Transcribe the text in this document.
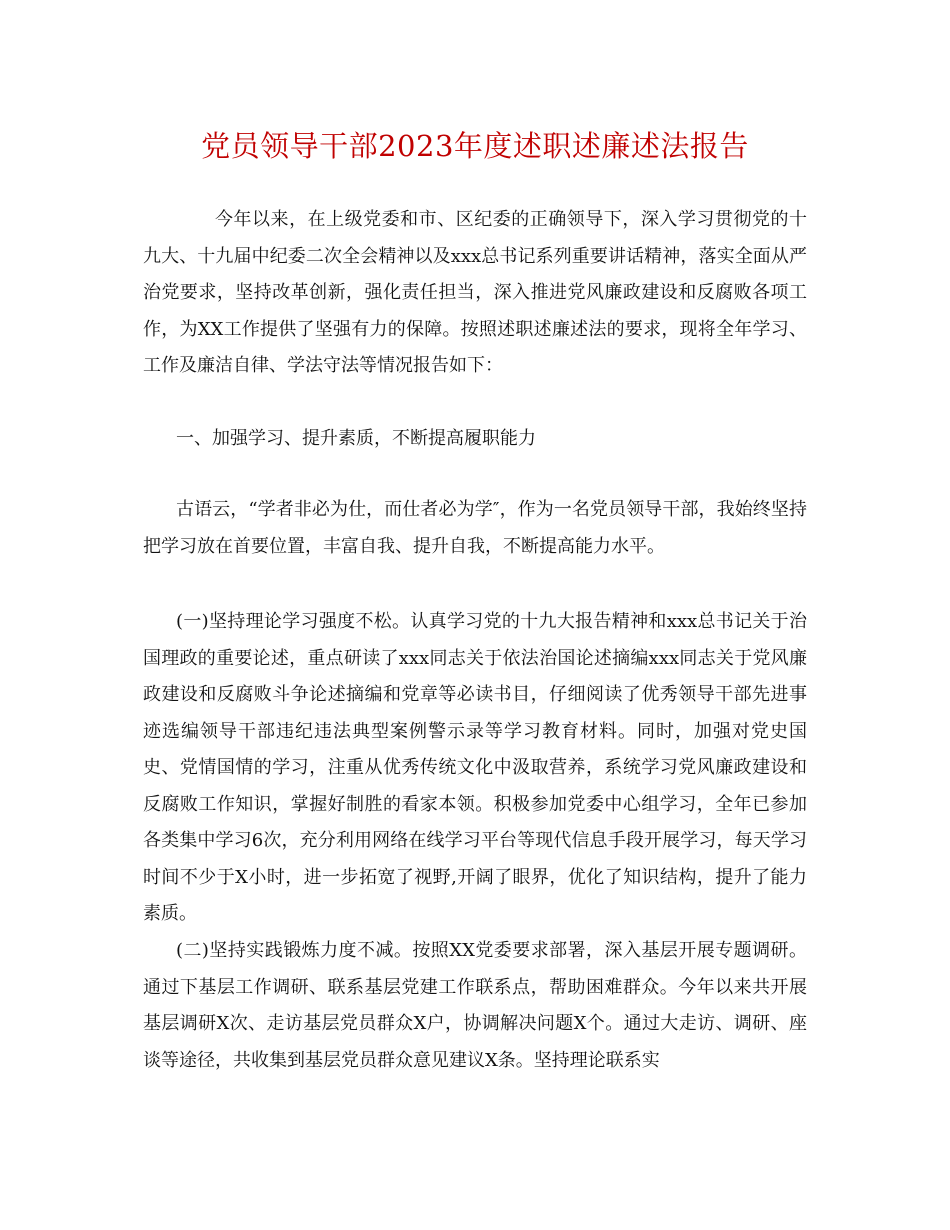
党员领导干部2023年度述职述廉述法报告

今年以来，在上级党委和市、区纪委的正确领导下，深入学习贯彻党的十九大、十九届中纪委二次全会精神以及xxx总书记系列重要讲话精神，落实全面从严治党要求，坚持改革创新，强化责任担当，深入推进党风廉政建设和反腐败各项工作，为XX工作提供了坚强有力的保障。按照述职述廉述法的要求，现将全年学习、工作及廉洁自律、学法守法等情况报告如下：

一、加强学习、提升素质，不断提高履职能力

古语云，“学者非必为仕，而仕者必为学″，作为一名党员领导干部，我始终坚持把学习放在首要位置，丰富自我、提升自我，不断提高能力水平。

(一)坚持理论学习强度不松。认真学习党的十九大报告精神和xxx总书记关于治国理政的重要论述，重点研读了xxx同志关于依法治国论述摘编xxx同志关于党风廉政建设和反腐败斗争论述摘编和党章等必读书目，仔细阅读了优秀领导干部先进事迹选编领导干部违纪违法典型案例警示录等学习教育材料。同时，加强对党史国史、党情国情的学习，注重从优秀传统文化中汲取营养，系统学习党风廉政建设和反腐败工作知识，掌握好制胜的看家本领。积极参加党委中心组学习，全年已参加各类集中学习6次，充分利用网络在线学习平台等现代信息手段开展学习，每天学习时间不少于X小时，进一步拓宽了视野,开阔了眼界，优化了知识结构，提升了能力素质。

(二)坚持实践锻炼力度不减。按照XX党委要求部署，深入基层开展专题调研。通过下基层工作调研、联系基层党建工作联系点，帮助困难群众。今年以来共开展基层调研X次、走访基层党员群众X户，协调解决问题X个。通过大走访、调研、座谈等途径，共收集到基层党员群众意见建议X条。坚持理论联系实
